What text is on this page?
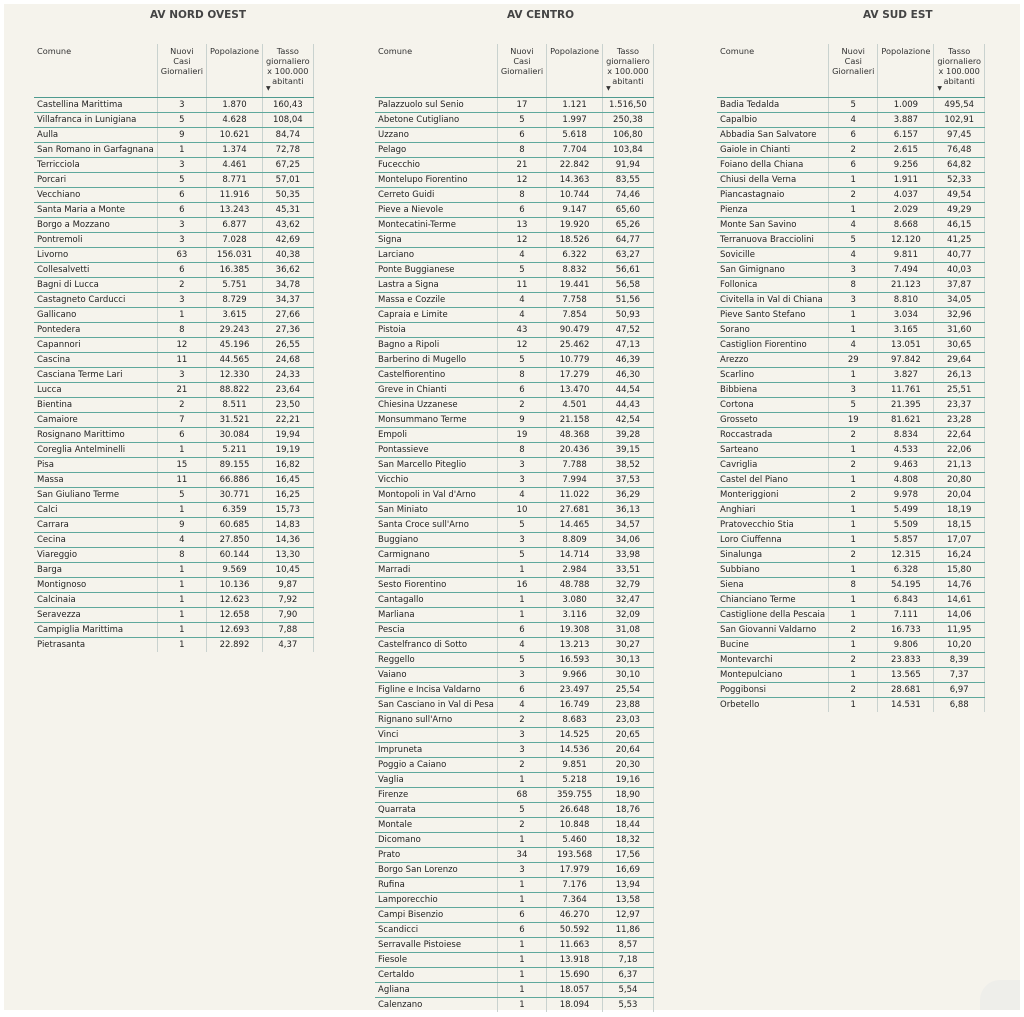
AV NORD OVEST
Comune	Nuovi Casi Giornalieri	Popolazione	Tasso giornaliero x 100.000 abitanti
▼

Castellina Marittima	3	1.870	160,43
Villafranca in Lunigiana	5	4.628	108,04
Aulla	9	10.621	84,74
San Romano in Garfagnana	1	1.374	72,78
Terricciola	3	4.461	67,25
Porcari	5	8.771	57,01
Vecchiano	6	11.916	50,35
Santa Maria a Monte	6	13.243	45,31
Borgo a Mozzano	3	6.877	43,62
Pontremoli	3	7.028	42,69
Livorno	63	156.031	40,38
Collesalvetti	6	16.385	36,62
Bagni di Lucca	2	5.751	34,78
Castagneto Carducci	3	8.729	34,37
Gallicano	1	3.615	27,66
Pontedera	8	29.243	27,36
Capannori	12	45.196	26,55
Cascina	11	44.565	24,68
Casciana Terme Lari	3	12.330	24,33
Lucca	21	88.822	23,64
Bientina	2	8.511	23,50
Camaiore	7	31.521	22,21
Rosignano Marittimo	6	30.084	19,94
Coreglia Antelminelli	1	5.211	19,19
Pisa	15	89.155	16,82
Massa	11	66.886	16,45
San Giuliano Terme	5	30.771	16,25
Calci	1	6.359	15,73
Carrara	9	60.685	14,83
Cecina	4	27.850	14,36
Viareggio	8	60.144	13,30
Barga	1	9.569	10,45
Montignoso	1	10.136	9,87
Calcinaia	1	12.623	7,92
Seravezza	1	12.658	7,90
Campiglia Marittima	1	12.693	7,88
Pietrasanta	1	22.892	4,37
AV CENTRO
Comune	Nuovi Casi Giornalieri	Popolazione	Tasso giornaliero x 100.000 abitanti
▼

Palazzuolo sul Senio	17	1.121	1.516,50
Abetone Cutigliano	5	1.997	250,38
Uzzano	6	5.618	106,80
Pelago	8	7.704	103,84
Fucecchio	21	22.842	91,94
Montelupo Fiorentino	12	14.363	83,55
Cerreto Guidi	8	10.744	74,46
Pieve a Nievole	6	9.147	65,60
Montecatini-Terme	13	19.920	65,26
Signa	12	18.526	64,77
Larciano	4	6.322	63,27
Ponte Buggianese	5	8.832	56,61
Lastra a Signa	11	19.441	56,58
Massa e Cozzile	4	7.758	51,56
Capraia e Limite	4	7.854	50,93
Pistoia	43	90.479	47,52
Bagno a Ripoli	12	25.462	47,13
Barberino di Mugello	5	10.779	46,39
Castelfiorentino	8	17.279	46,30
Greve in Chianti	6	13.470	44,54
Chiesina Uzzanese	2	4.501	44,43
Monsummano Terme	9	21.158	42,54
Empoli	19	48.368	39,28
Pontassieve	8	20.436	39,15
San Marcello Piteglio	3	7.788	38,52
Vicchio	3	7.994	37,53
Montopoli in Val d'Arno	4	11.022	36,29
San Miniato	10	27.681	36,13
Santa Croce sull'Arno	5	14.465	34,57
Buggiano	3	8.809	34,06
Carmignano	5	14.714	33,98
Marradi	1	2.984	33,51
Sesto Fiorentino	16	48.788	32,79
Cantagallo	1	3.080	32,47
Marliana	1	3.116	32,09
Pescia	6	19.308	31,08
Castelfranco di Sotto	4	13.213	30,27
Reggello	5	16.593	30,13
Vaiano	3	9.966	30,10
Figline e Incisa Valdarno	6	23.497	25,54
San Casciano in Val di Pesa	4	16.749	23,88
Rignano sull'Arno	2	8.683	23,03
Vinci	3	14.525	20,65
Impruneta	3	14.536	20,64
Poggio a Caiano	2	9.851	20,30
Vaglia	1	5.218	19,16
Firenze	68	359.755	18,90
Quarrata	5	26.648	18,76
Montale	2	10.848	18,44
Dicomano	1	5.460	18,32
Prato	34	193.568	17,56
Borgo San Lorenzo	3	17.979	16,69
Rufina	1	7.176	13,94
Lamporecchio	1	7.364	13,58
Campi Bisenzio	6	46.270	12,97
Scandicci	6	50.592	11,86
Serravalle Pistoiese	1	11.663	8,57
Fiesole	1	13.918	7,18
Certaldo	1	15.690	6,37
Agliana	1	18.057	5,54
Calenzano	1	18.094	5,53
AV SUD EST
Comune	Nuovi Casi Giornalieri	Popolazione	Tasso giornaliero x 100.000 abitanti
▼

Badia Tedalda	5	1.009	495,54
Capalbio	4	3.887	102,91
Abbadia San Salvatore	6	6.157	97,45
Gaiole in Chianti	2	2.615	76,48
Foiano della Chiana	6	9.256	64,82
Chiusi della Verna	1	1.911	52,33
Piancastagnaio	2	4.037	49,54
Pienza	1	2.029	49,29
Monte San Savino	4	8.668	46,15
Terranuova Bracciolini	5	12.120	41,25
Sovicille	4	9.811	40,77
San Gimignano	3	7.494	40,03
Follonica	8	21.123	37,87
Civitella in Val di Chiana	3	8.810	34,05
Pieve Santo Stefano	1	3.034	32,96
Sorano	1	3.165	31,60
Castiglion Fiorentino	4	13.051	30,65
Arezzo	29	97.842	29,64
Scarlino	1	3.827	26,13
Bibbiena	3	11.761	25,51
Cortona	5	21.395	23,37
Grosseto	19	81.621	23,28
Roccastrada	2	8.834	22,64
Sarteano	1	4.533	22,06
Cavriglia	2	9.463	21,13
Castel del Piano	1	4.808	20,80
Monteriggioni	2	9.978	20,04
Anghiari	1	5.499	18,19
Pratovecchio Stia	1	5.509	18,15
Loro Ciuffenna	1	5.857	17,07
Sinalunga	2	12.315	16,24
Subbiano	1	6.328	15,80
Siena	8	54.195	14,76
Chianciano Terme	1	6.843	14,61
Castiglione della Pescaia	1	7.111	14,06
San Giovanni Valdarno	2	16.733	11,95
Bucine	1	9.806	10,20
Montevarchi	2	23.833	8,39
Montepulciano	1	13.565	7,37
Poggibonsi	2	28.681	6,97
Orbetello	1	14.531	6,88
